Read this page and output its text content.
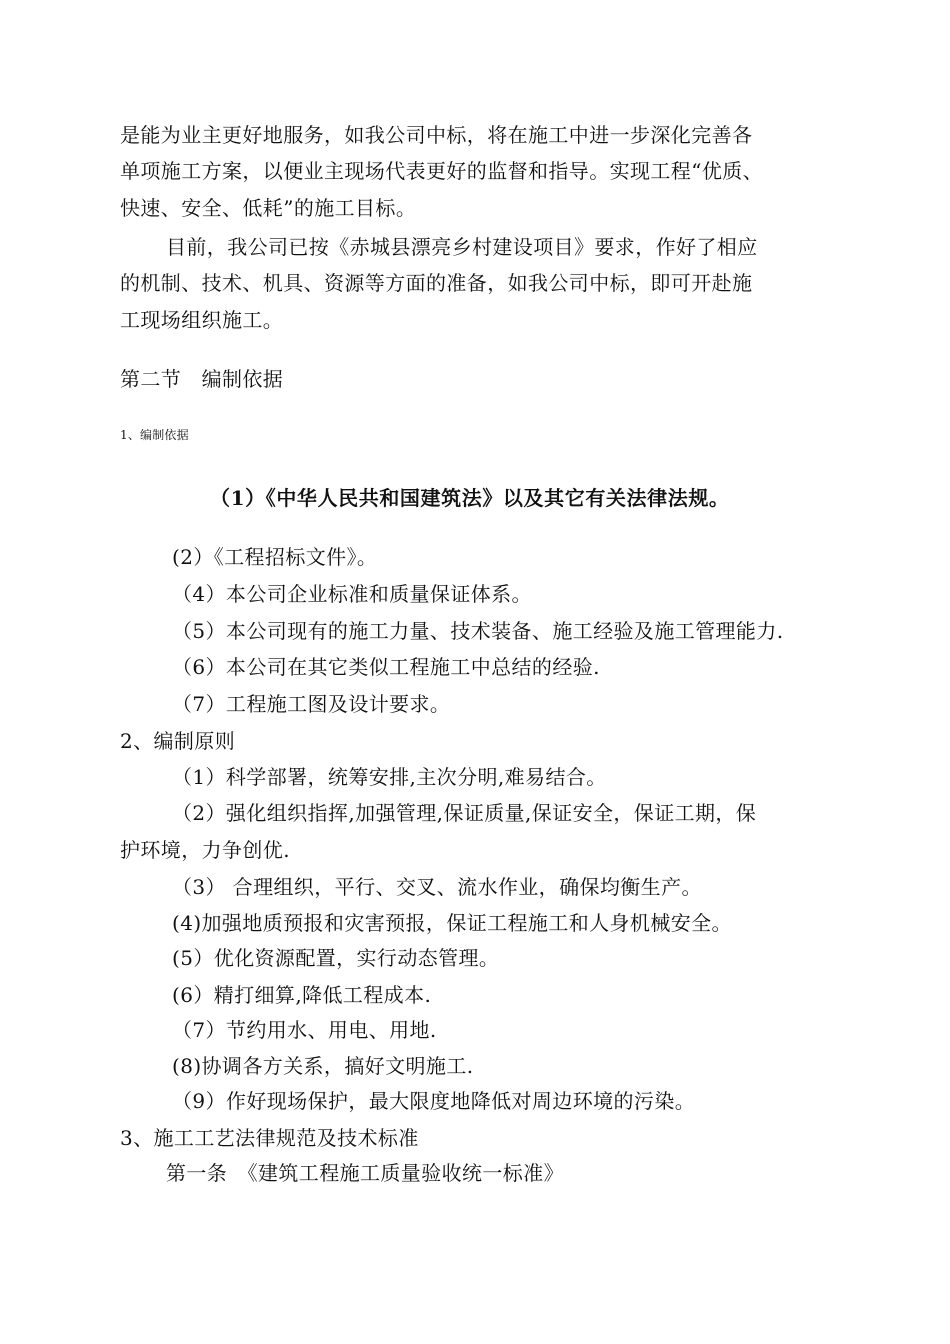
是能为业主更好地服务，如我公司中标，将在施工中进一步深化完善各
单项施工方案，以便业主现场代表更好的监督和指导。实现工程“优质、
快速、安全、低耗”的施工目标。
目前，我公司已按《赤城县漂亮乡村建设项目》要求，作好了相应
的机制、技术、机具、资源等方面的准备，如我公司中标，即可开赴施
工现场组织施工。
第二节　编制依据
1、编制依据
（1）《中华人民共和国建筑法》以及其它有关法律法规。
(2）《工程招标文件》。
（4）本公司企业标准和质量保证体系。
（5）本公司现有的施工力量、技术装备、施工经验及施工管理能力.
（6）本公司在其它类似工程施工中总结的经验.
（7）工程施工图及设计要求。
2、编制原则
（1）科学部署，统筹安排,主次分明,难易结合。
（2）强化组织指挥,加强管理,保证质量,保证安全，保证工期，保
护环境，力争创优.
（3） 合理组织，平行、交叉、流水作业，确保均衡生产。
(4)加强地质预报和灾害预报，保证工程施工和人身机械安全。
(5）优化资源配置，实行动态管理。
(6）精打细算,降低工程成本.
（7）节约用水、用电、用地.
(8)协调各方关系，搞好文明施工.
（9）作好现场保护，最大限度地降低对周边环境的污染。
3、施工工艺法律规范及技术标准
第一条　《建筑工程施工质量验收统一标准》
